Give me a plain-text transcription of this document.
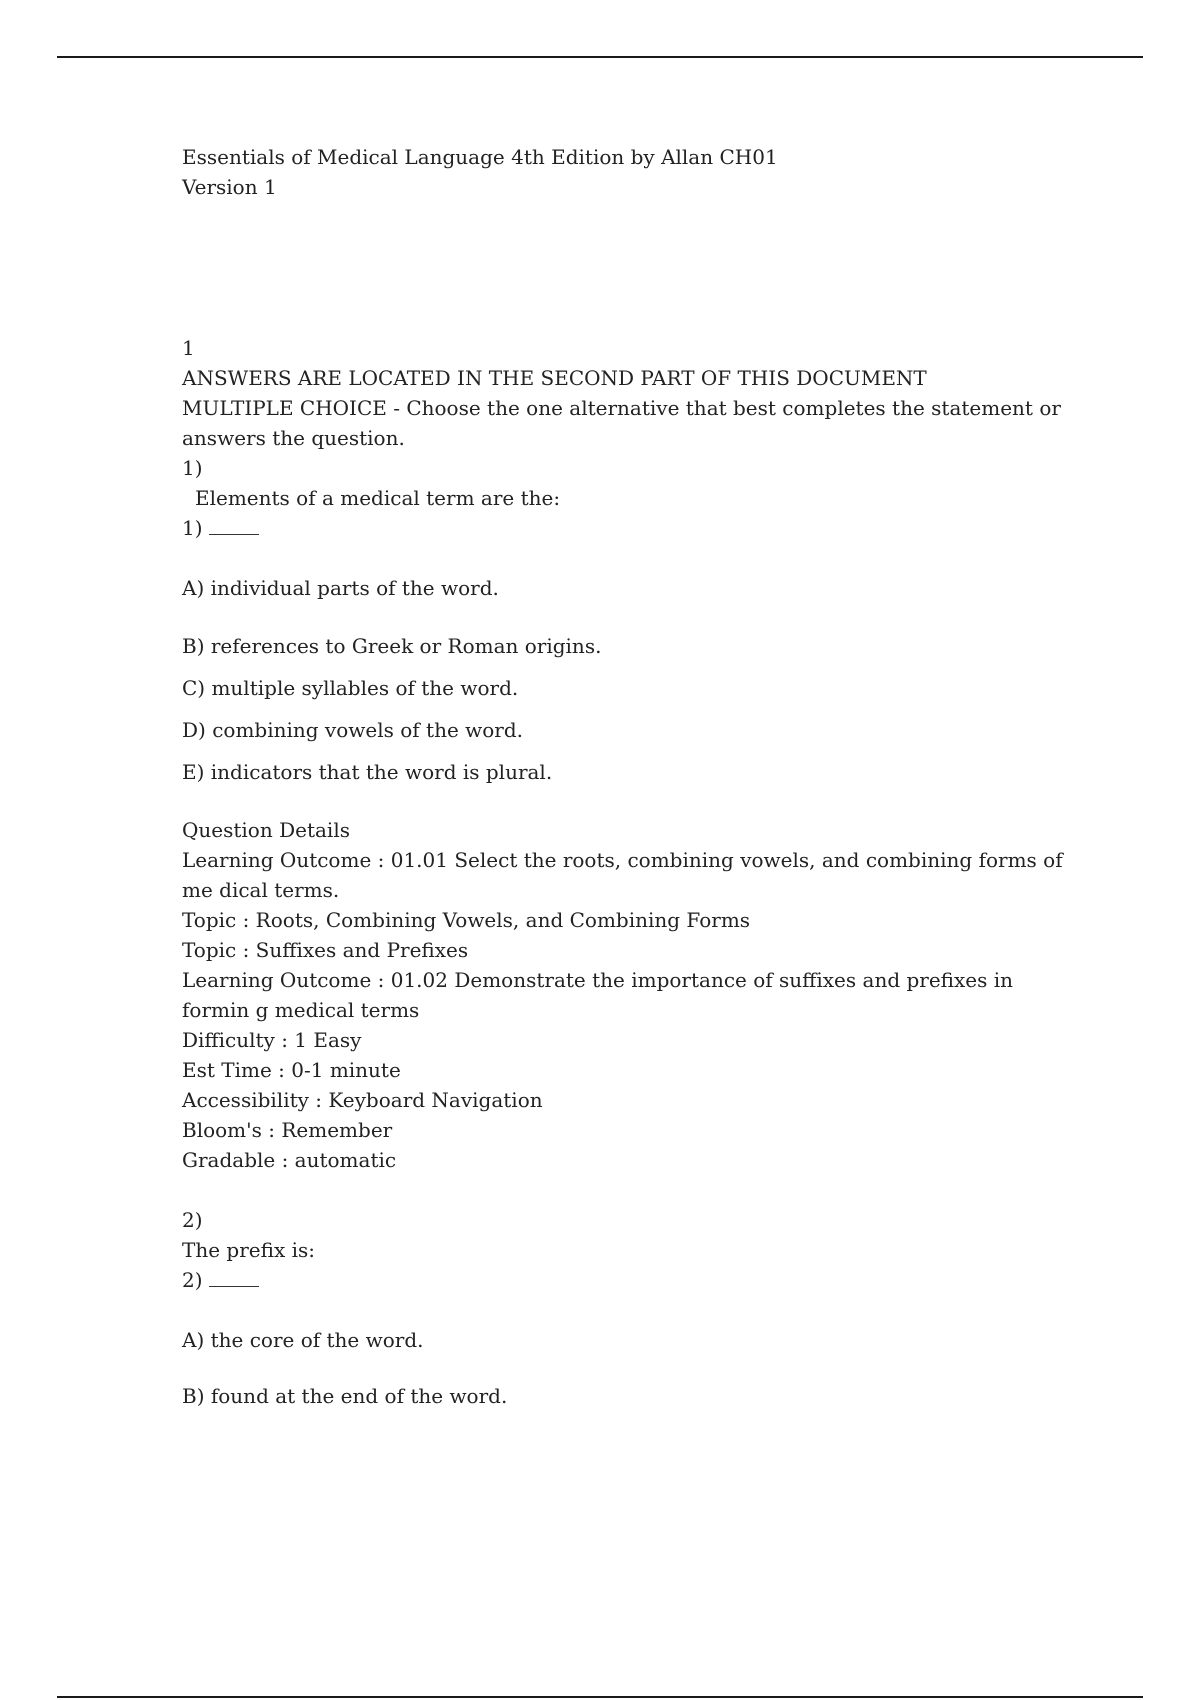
Essentials of Medical Language 4th Edition by Allan CH01
Version 1
1
ANSWERS ARE LOCATED IN THE SECOND PART OF THIS DOCUMENT
MULTIPLE CHOICE - Choose the one alternative that best completes the statement or answers the question.
1)
Elements of a medical term are the:
1)
A) individual parts of the word.
B) references to Greek or Roman origins.
C) multiple syllables of the word.
D) combining vowels of the word.
E) indicators that the word is plural.
Question Details
Learning Outcome : 01.01 Select the roots, combining vowels, and combining forms of me dical terms.
Topic : Roots, Combining Vowels, and Combining Forms
Topic : Suffixes and Prefixes
Learning Outcome : 01.02 Demonstrate the importance of suffixes and prefixes in formin g medical terms
Difficulty : 1 Easy
Est Time : 0-1 minute
Accessibility : Keyboard Navigation
Bloom's : Remember
Gradable : automatic
2)
The prefix is:
2)
A) the core of the word.
B) found at the end of the word.
